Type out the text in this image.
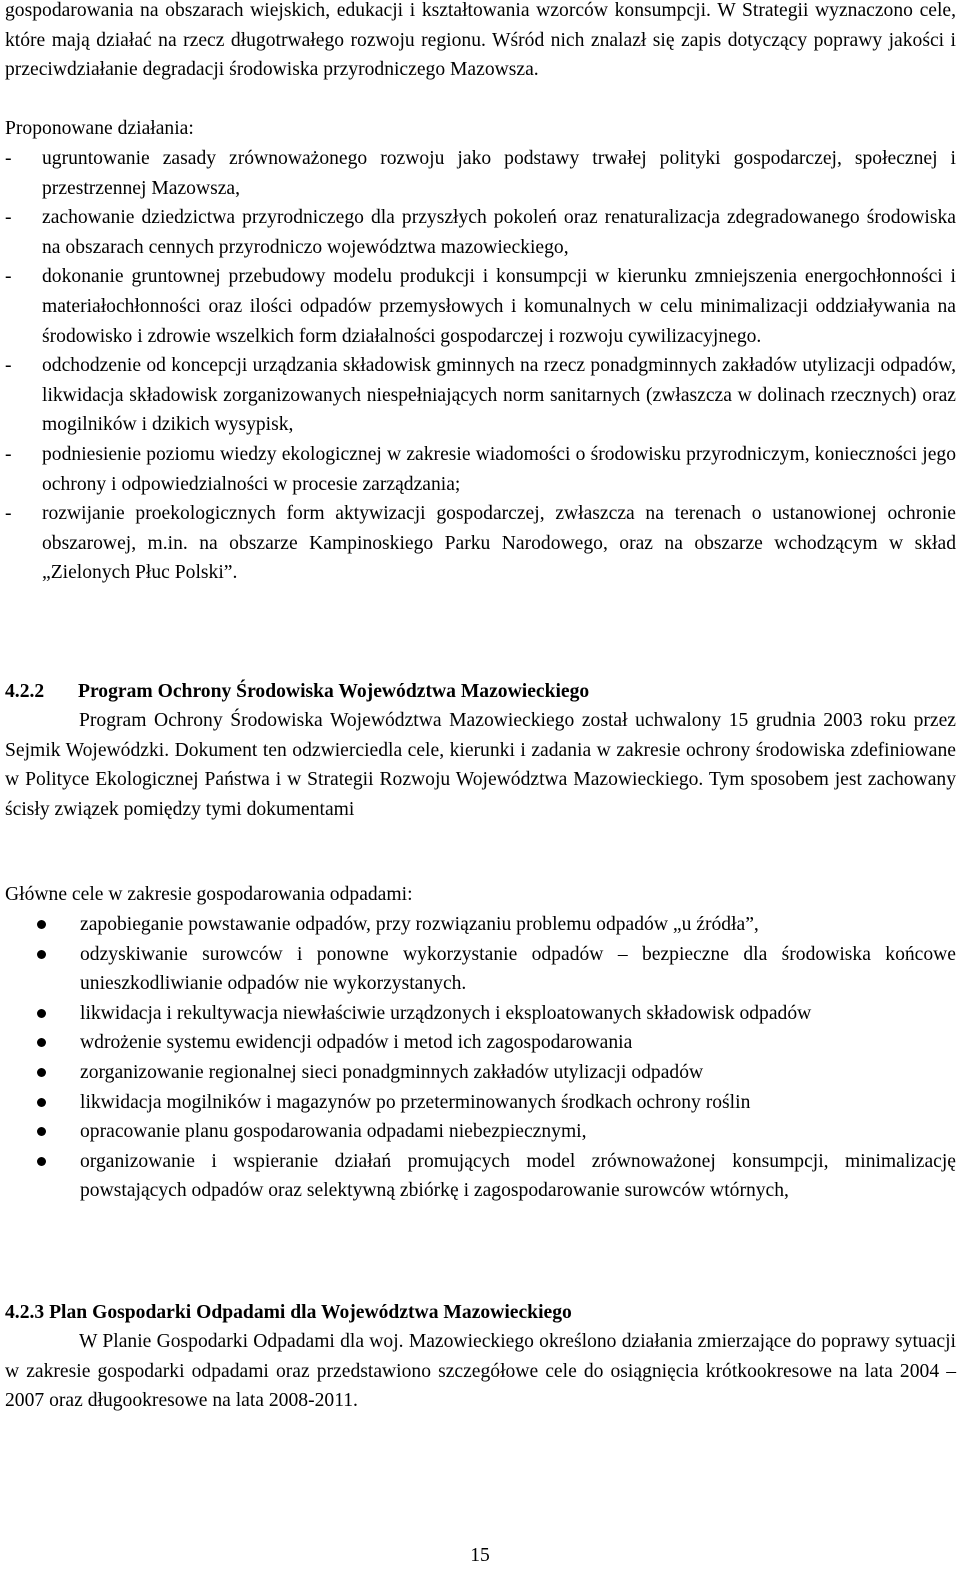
gospodarowania na obszarach wiejskich, edukacji i kształtowania wzorców konsumpcji. W Strategii wyznaczono cele, które mają działać na rzecz długotrwałego rozwoju regionu. Wśród nich znalazł się zapis dotyczący poprawy jakości i przeciwdziałanie degradacji środowiska przyrodniczego Mazowsza.

Proponowane działania:

- ugruntowanie zasady zrównoważonego rozwoju jako podstawy trwałej polityki gospodarczej, społecznej i przestrzennej Mazowsza,
- zachowanie dziedzictwa przyrodniczego dla przyszłych pokoleń oraz renaturalizacja zdegradowanego środowiska na obszarach cennych przyrodniczo województwa mazowieckiego,
- dokonanie gruntownej przebudowy modelu produkcji i konsumpcji w kierunku zmniejszenia energochłonności i materiałochłonności oraz ilości odpadów przemysłowych i komunalnych w celu minimalizacji oddziaływania na środowisko i zdrowie wszelkich form działalności gospodarczej i rozwoju cywilizacyjnego.
- odchodzenie od koncepcji urządzania składowisk gminnych na rzecz ponadgminnych zakładów utylizacji odpadów, likwidacja składowisk zorganizowanych niespełniających norm sanitarnych (zwłaszcza w dolinach rzecznych) oraz mogilników i dzikich wysypisk,
- podniesienie poziomu wiedzy ekologicznej w zakresie wiadomości o środowisku przyrodniczym, konieczności jego ochrony i odpowiedzialności w procesie zarządzania;
- rozwijanie proekologicznych form aktywizacji gospodarczej, zwłaszcza na terenach o ustanowionej ochronie obszarowej, m.in. na obszarze Kampinoskiego Parku Narodowego, oraz na obszarze wchodzącym w skład „Zielonych Płuc Polski”.
4.2.2 Program Ochrony Środowiska Województwa Mazowieckiego

Program Ochrony Środowiska Województwa Mazowieckiego został uchwalony 15 grudnia 2003 roku przez Sejmik Wojewódzki. Dokument ten odzwierciedla cele, kierunki i zadania w zakresie ochrony środowiska zdefiniowane w Polityce Ekologicznej Państwa i w Strategii Rozwoju Województwa Mazowieckiego. Tym sposobem jest zachowany ścisły związek pomiędzy tymi dokumentami

Główne cele w zakresie gospodarowania odpadami:

zapobieganie powstawanie odpadów, przy rozwiązaniu problemu odpadów „u źródła”,
odzyskiwanie surowców i ponowne wykorzystanie odpadów – bezpieczne dla środowiska końcowe unieszkodliwianie odpadów nie wykorzystanych.
likwidacja i rekultywacja niewłaściwie urządzonych i eksploatowanych składowisk odpadów
wdrożenie systemu ewidencji odpadów i metod ich zagospodarowania
zorganizowanie regionalnej sieci ponadgminnych zakładów utylizacji odpadów
likwidacja mogilników i magazynów po przeterminowanych środkach ochrony roślin
opracowanie planu gospodarowania odpadami niebezpiecznymi,
organizowanie i wspieranie działań promujących model zrównoważonej konsumpcji, minimalizację powstających odpadów oraz selektywną zbiórkę i zagospodarowanie surowców wtórnych,
4.2.3 Plan Gospodarki Odpadami dla Województwa Mazowieckiego

W Planie Gospodarki Odpadami dla woj. Mazowieckiego określono działania zmierzające do poprawy sytuacji w zakresie gospodarki odpadami oraz przedstawiono szczegółowe cele do osiągnięcia krótkookresowe na lata 2004 – 2007 oraz długookresowe na lata 2008-2011.

15
